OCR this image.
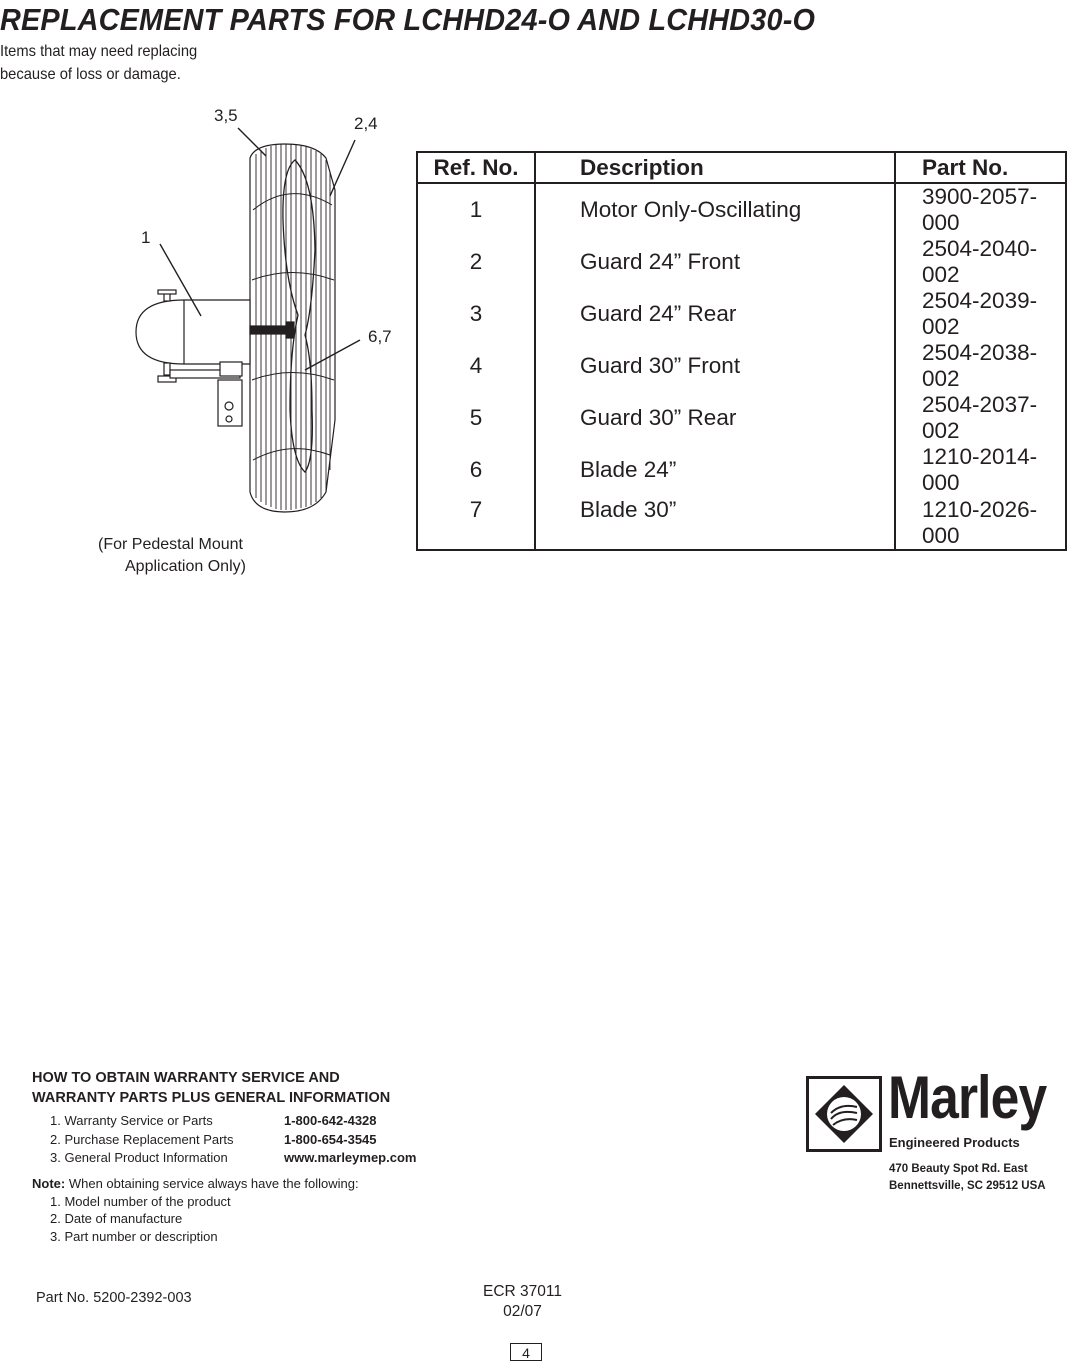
REPLACEMENT PARTS FOR LCHHD24-O AND LCHHD30-O
Items that may need replacing
because of loss or damage.
3,5	2,4
1
6,7
(For Pedestal Mount
Application Only)
Ref. No.	Description	Part No.
1	Motor Only-Oscillating	3900-2057-000
2	Guard 24” Front	2504-2040-002
3	Guard 24” Rear	2504-2039-002
4	Guard 30” Front	2504-2038-002
5	Guard 30” Rear	2504-2037-002
6	Blade 24”	1210-2014-000
7	Blade 30”	1210-2026-000
HOW TO OBTAIN WARRANTY SERVICE AND
WARRANTY PARTS PLUS GENERAL INFORMATION
1. Warranty Service or Parts	1-800-642-4328
2. Purchase Replacement Parts	1-800-654-3545
3. General Product Information	www.marleymep.com
Note: When obtaining service always have the following:
1. Model number of the product
2. Date of manufacture
3. Part number or description
Marley
Engineered Products
470 Beauty Spot Rd. East
Bennettsville, SC 29512 USA
Part No. 5200-2392-003	ECR 37011
02/07
4
